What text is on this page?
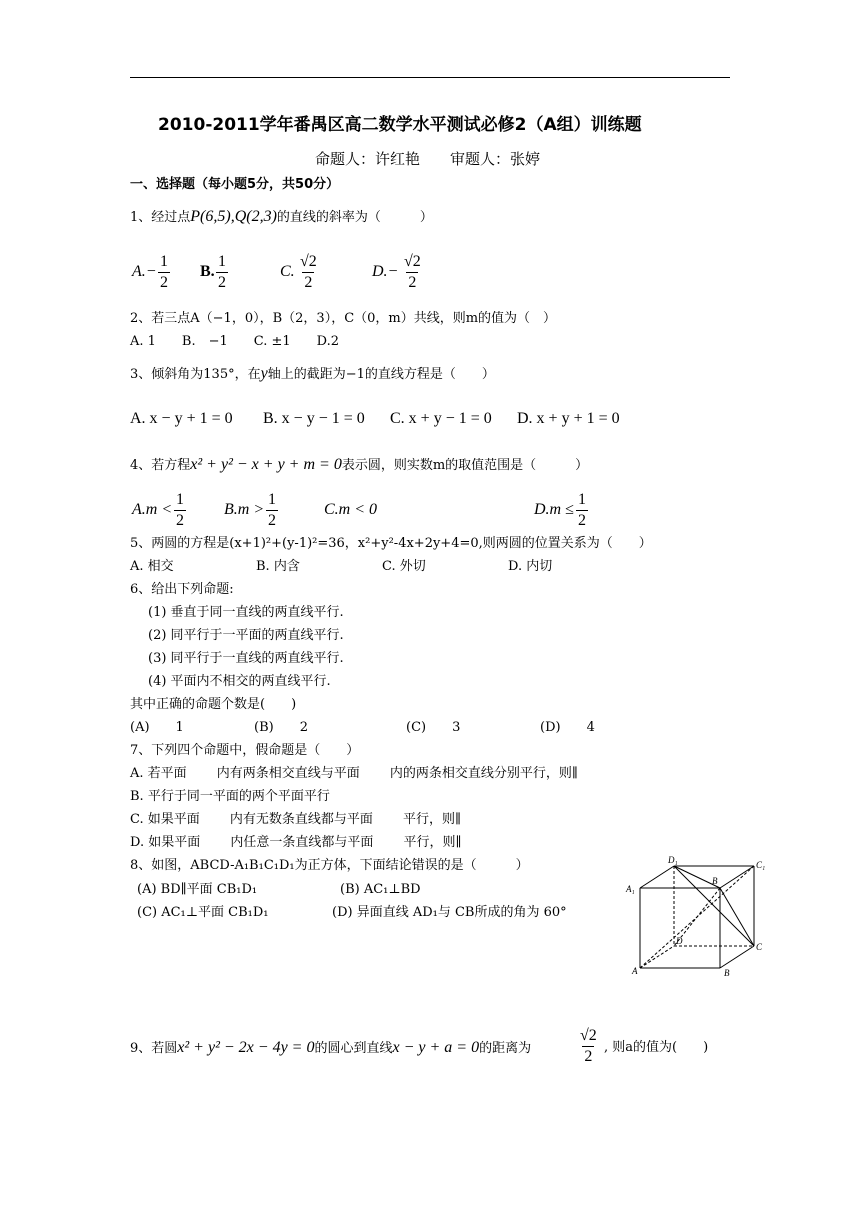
2010-2011学年番禺区高二数学水平测试必修2（A组）训练题
命题人：许红艳　　审题人：张婷
一、选择题（每小题5分，共50分）
1、经过点P(6,5),Q(2,3)的直线的斜率为（　　　）
$A.- \frac{1}{2} B$. $\frac{1}{2}$	C. $\frac{√2}{2}$	$D.- \frac{√2}{2}$
2、若三点A（−1，0），B（2，3），C（0，m）共线，则m的值为（　）
A. 1　　B.　−1　　C. ±1　　D.2
3、倾斜角为135°，在y轴上的截距为−1的直线方程是（　　）
A. x − y + 1 = 0 B. x − y − 1 = 0 C. x + y − 1 = 0 D. x + y + 1 = 0
4、若方程x² + y² − x + y + m = 0表示圆，则实数m的取值范围是（　　　）
$A.m < \frac{1}{2} B.m > \frac{1}{2}$	C.m < 0	$D.m \le \frac{1}{2}$
5、两圆的方程是(x+1)²+(y-1)²=36，x²+y²-4x+2y+4=0,则两圆的位置关系为（　　）
A. 相交	B. 内含	C. 外切	D. 内切
6、给出下列命题:
(1) 垂直于同一直线的两直线平行.
(2) 同平行于一平面的两直线平行.
(3) 同平行于一直线的两直线平行.
(4) 平面内不相交的两直线平行.
其中正确的命题个数是(　　)
(A)　　1	(B)　　2	(C)　　3	(D)　　4
7、下列四个命题中，假命题是（　　）
A. 若平面　　 内有两条相交直线与平面　　 内的两条相交直线分别平行，则∥
B. 平行于同一平面的两个平面平行
C. 如果平面　　 内有无数条直线都与平面　　 平行，则∥
D. 如果平面　　 内任意一条直线都与平面　　 平行，则∥
8、如图，ABCD-A₁B₁C₁D₁为正方体，下面结论错误的是（　　　）
(A) BD∥平面 CB₁D₁	(B) AC₁⊥BD
(C) AC₁⊥平面 CB₁D₁	(D) 异面直线 AD₁与 CB所成的角为 60°
D₁	C₁
A₁
B
D
C
A	B
9、若圆x² + y² − 2x − 4y = 0的圆心到直线x − y + a = 0的距离为	$\frac{√2}{2}$ , 则a的值为(　　)
